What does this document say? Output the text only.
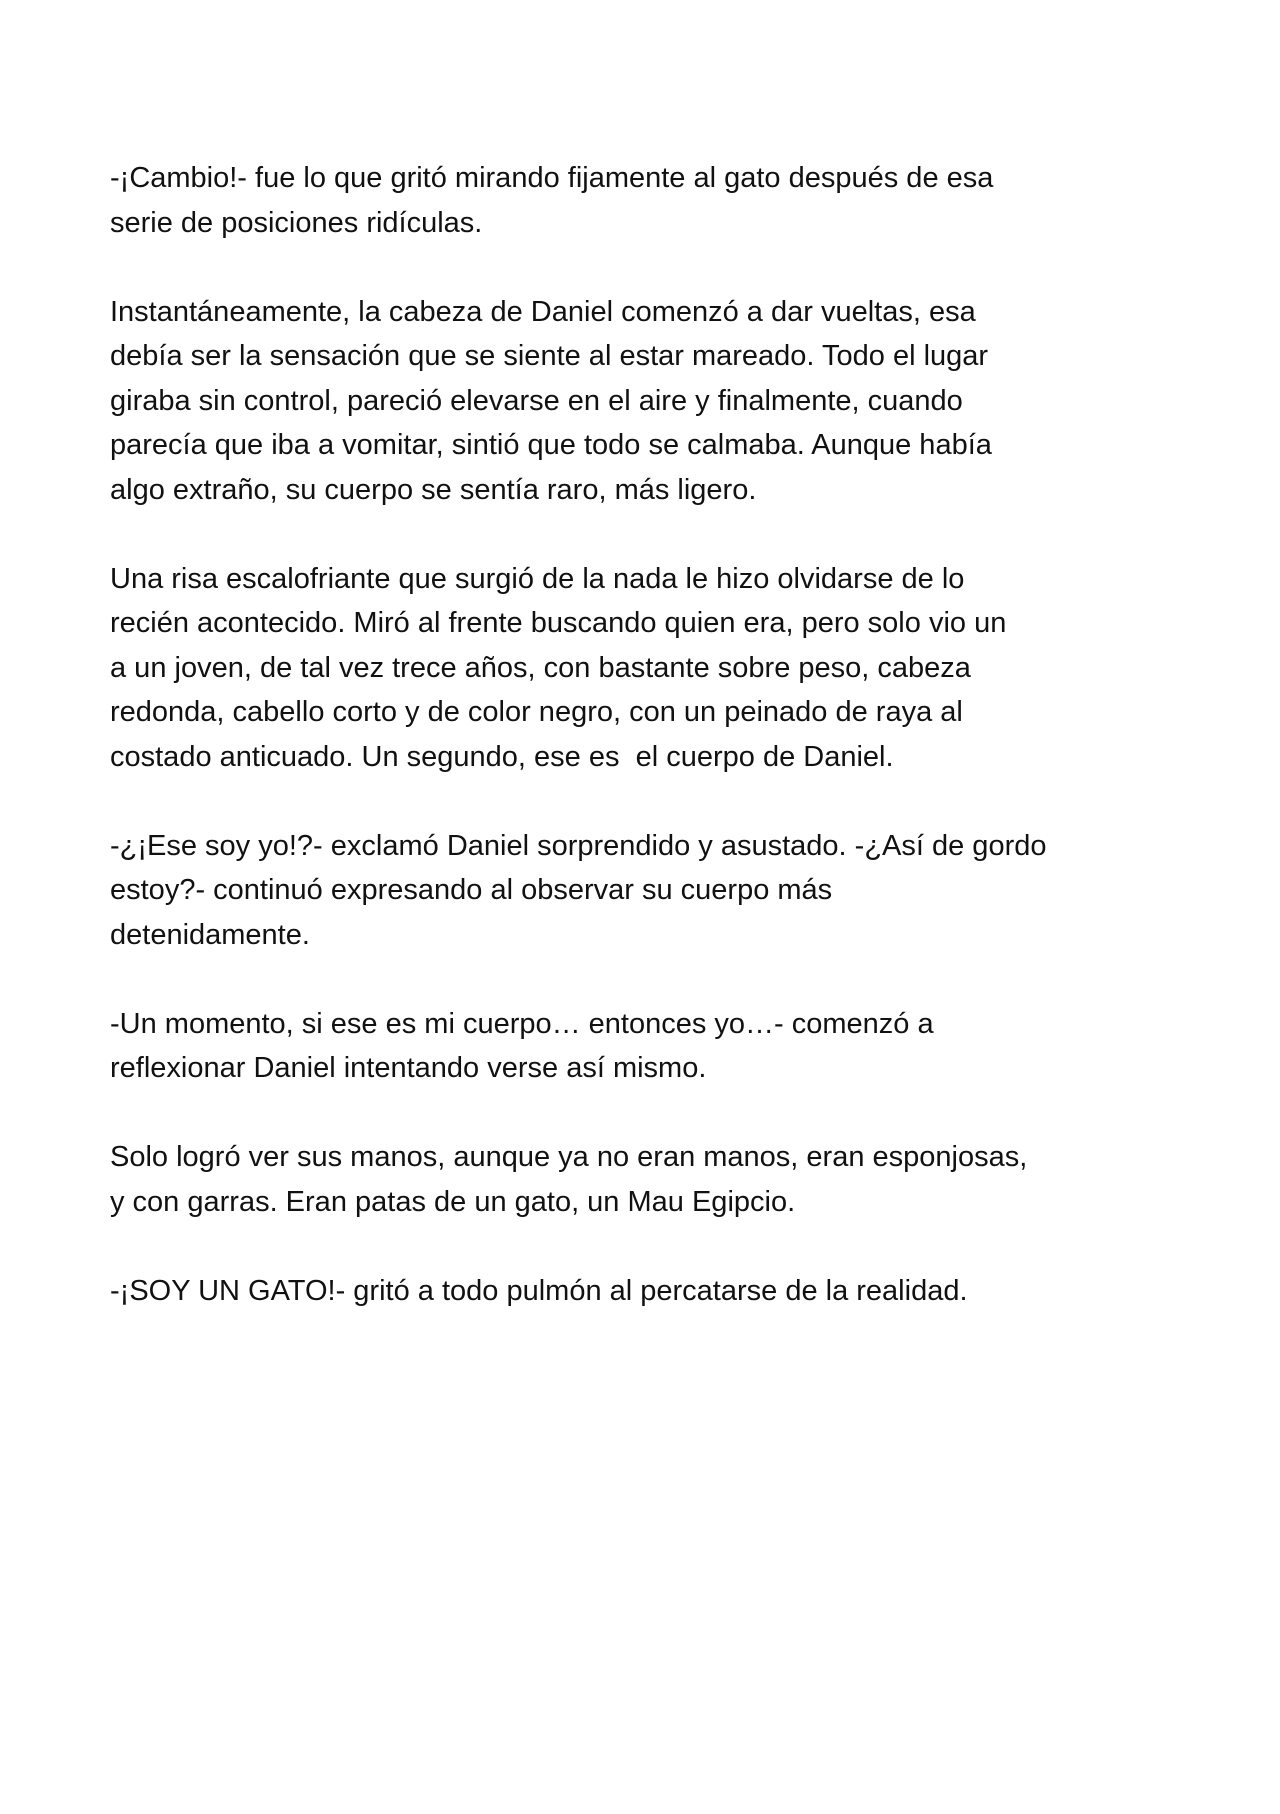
-¡Cambio!- fue lo que gritó mirando fijamente al gato después de esa
serie de posiciones ridículas.

Instantáneamente, la cabeza de Daniel comenzó a dar vueltas, esa
debía ser la sensación que se siente al estar mareado. Todo el lugar
giraba sin control, pareció elevarse en el aire y finalmente, cuando
parecía que iba a vomitar, sintió que todo se calmaba. Aunque había
algo extraño, su cuerpo se sentía raro, más ligero.

Una risa escalofriante que surgió de la nada le hizo olvidarse de lo
recién acontecido. Miró al frente buscando quien era, pero solo vio un
a un joven, de tal vez trece años, con bastante sobre peso, cabeza
redonda, cabello corto y de color negro, con un peinado de raya al
costado anticuado. Un segundo, ese es  el cuerpo de Daniel.

-¿¡Ese soy yo!?- exclamó Daniel sorprendido y asustado. -¿Así de gordo
estoy?- continuó expresando al observar su cuerpo más
detenidamente.

-Un momento, si ese es mi cuerpo… entonces yo…- comenzó a
reflexionar Daniel intentando verse así mismo.

Solo logró ver sus manos, aunque ya no eran manos, eran esponjosas,
y con garras. Eran patas de un gato, un Mau Egipcio.

-¡SOY UN GATO!- gritó a todo pulmón al percatarse de la realidad.
